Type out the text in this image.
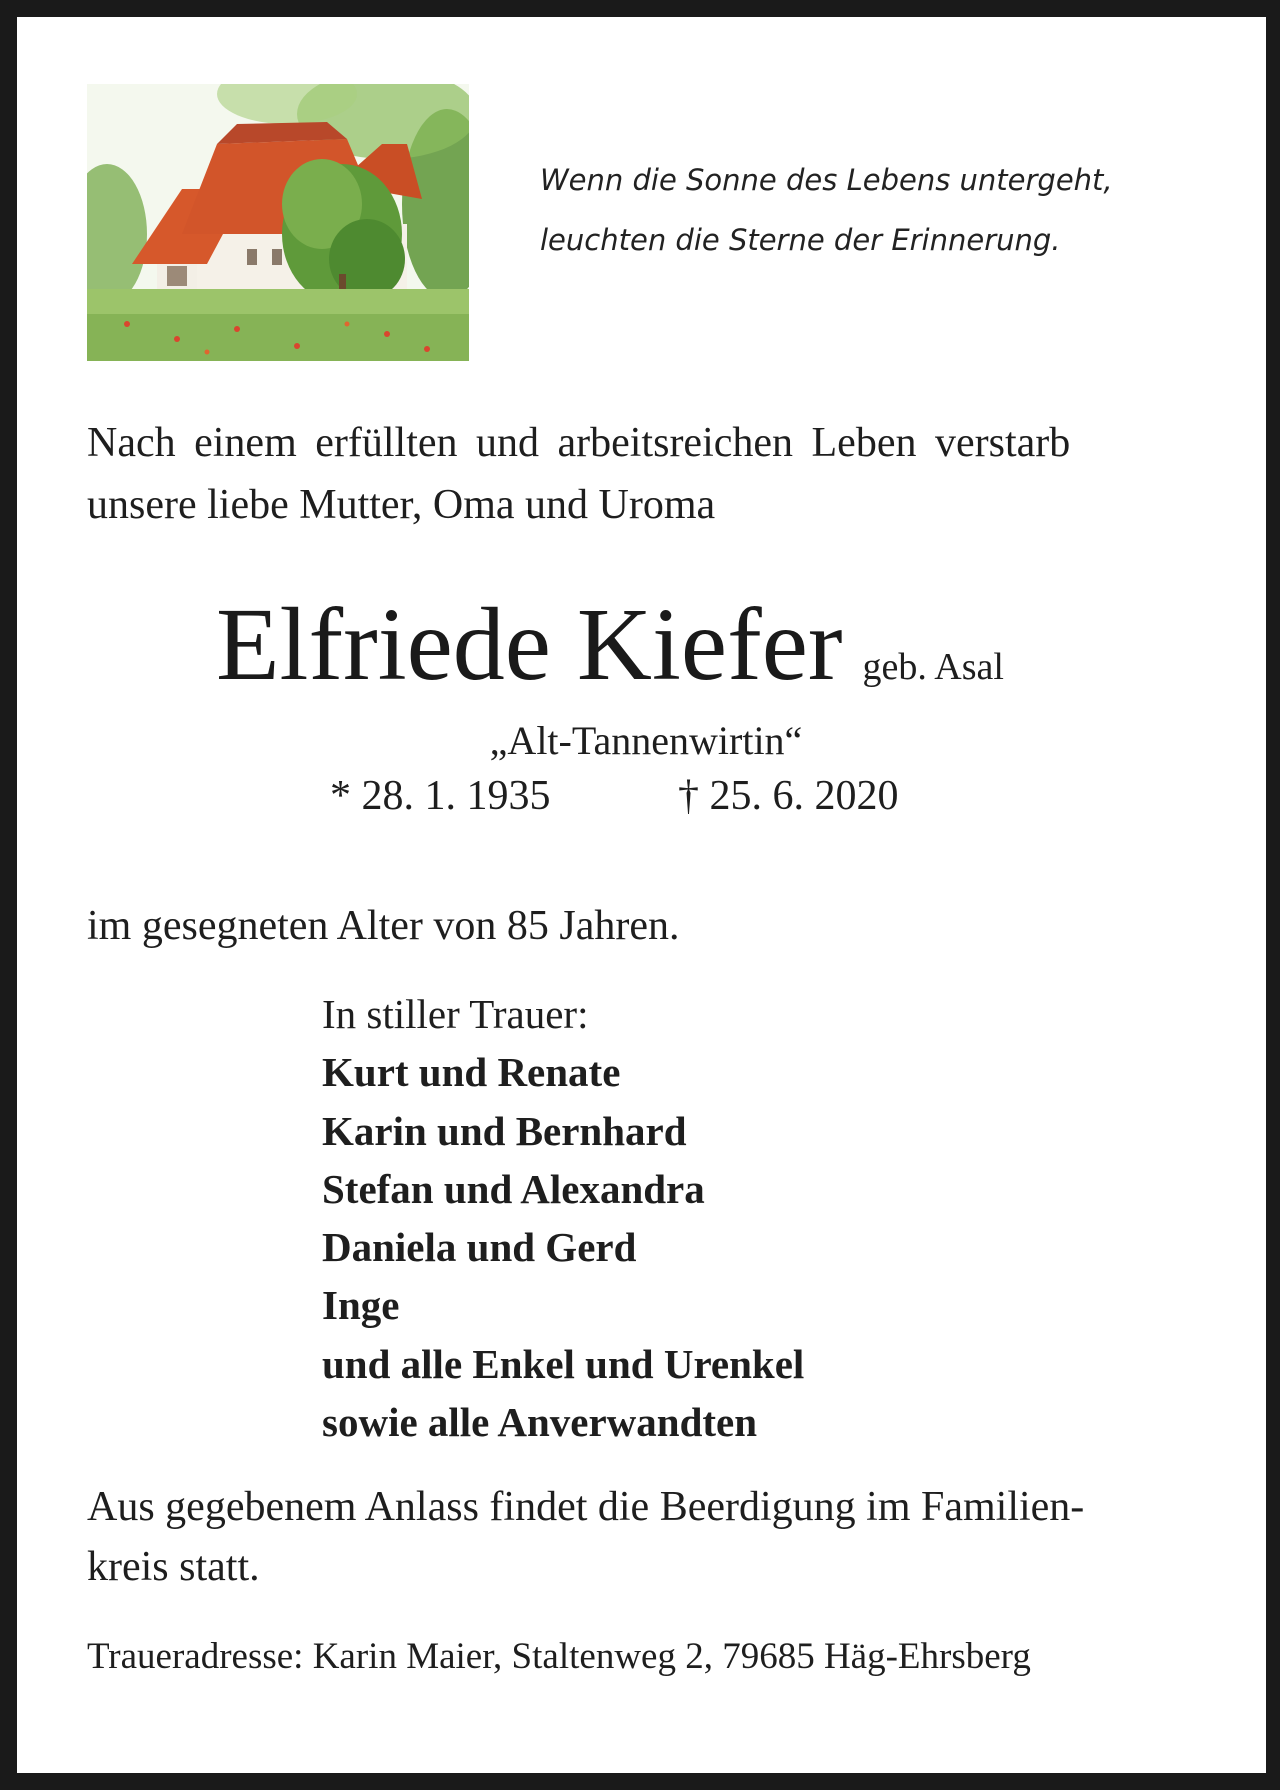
Wenn die Sonne des Lebens untergeht,
leuchten die Sterne der Erinnerung.
Nach einem erfüllten und arbeitsreichen Leben verstarb
unsere liebe Mutter, Oma und Uroma
Elfriede Kiefer geb. Asal
„Alt-Tannenwirtin“
* 28. 1. 1935	† 25. 6. 2020
im gesegneten Alter von 85 Jahren.
In stiller Trauer:
Kurt und Renate
Karin und Bernhard
Stefan und Alexandra
Daniela und Gerd
Inge
und alle Enkel und Urenkel
sowie alle Anverwandten
Aus gegebenem Anlass findet die Beerdigung im Familien-
kreis statt.
Traueradresse: Karin Maier, Staltenweg 2, 79685 Häg-Ehrsberg
